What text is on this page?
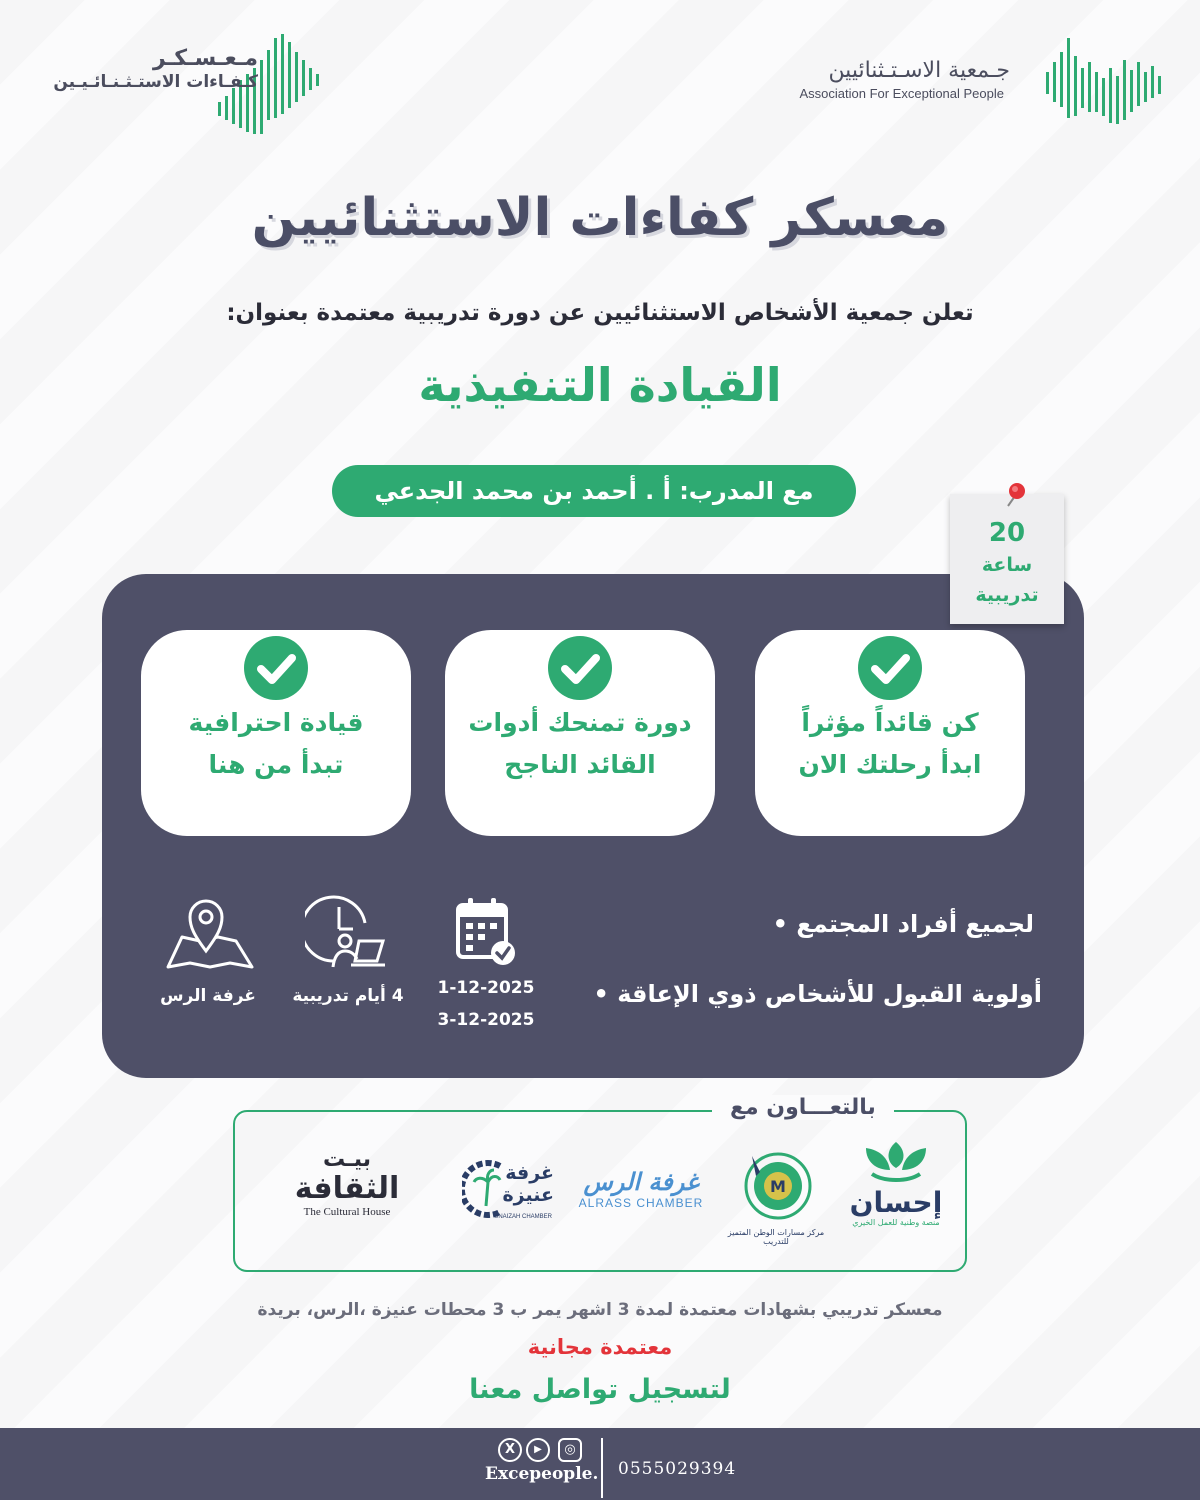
جـمعية الاسـتـثنائيين
Association For Exceptional People
مـعـسـكـر
كـفـاءات الاستـثـنـائـيـين
معسكر كفاءات الاستثنائيين
تعلن جمعية الأشخاص الاستثنائيين عن دورة تدريبية معتمدة بعنوان:
القيادة التنفيذية
مع المدرب: أ . أحمد بن محمد الجدعي
20
ساعة
تدريبية
كن قائداً مؤثراً
ابدأ رحلتك الان
دورة تمنحك أدوات
القائد الناجح
قيادة احترافية
تبدأ من هنا
لجميع أفراد المجتمع •
أولوية القبول للأشخاص ذوي الإعاقة •
1-12-2025
3-12-2025
4 أيام تدريبية
غرفة الرس
بالتعـــاون مع
إحسان
منصة وطنية للعمل الخيري
M
مركز مسارات الوطن المتميز للتدريب
غرفة الرس
ALRASS CHAMBER
غرفة
عنيزة
UNAIZAH CHAMBER
بيـت
الثقافة
The Cultural House
معسكر تدريبي بشهادات معتمدة لمدة 3 اشهر يمر ب 3 محطات عنيزة ،الرس، بريدة
معتمدة مجانية
لتسجيل تواصل معنا
X	▶	◎
Excepeople. 0555029394
